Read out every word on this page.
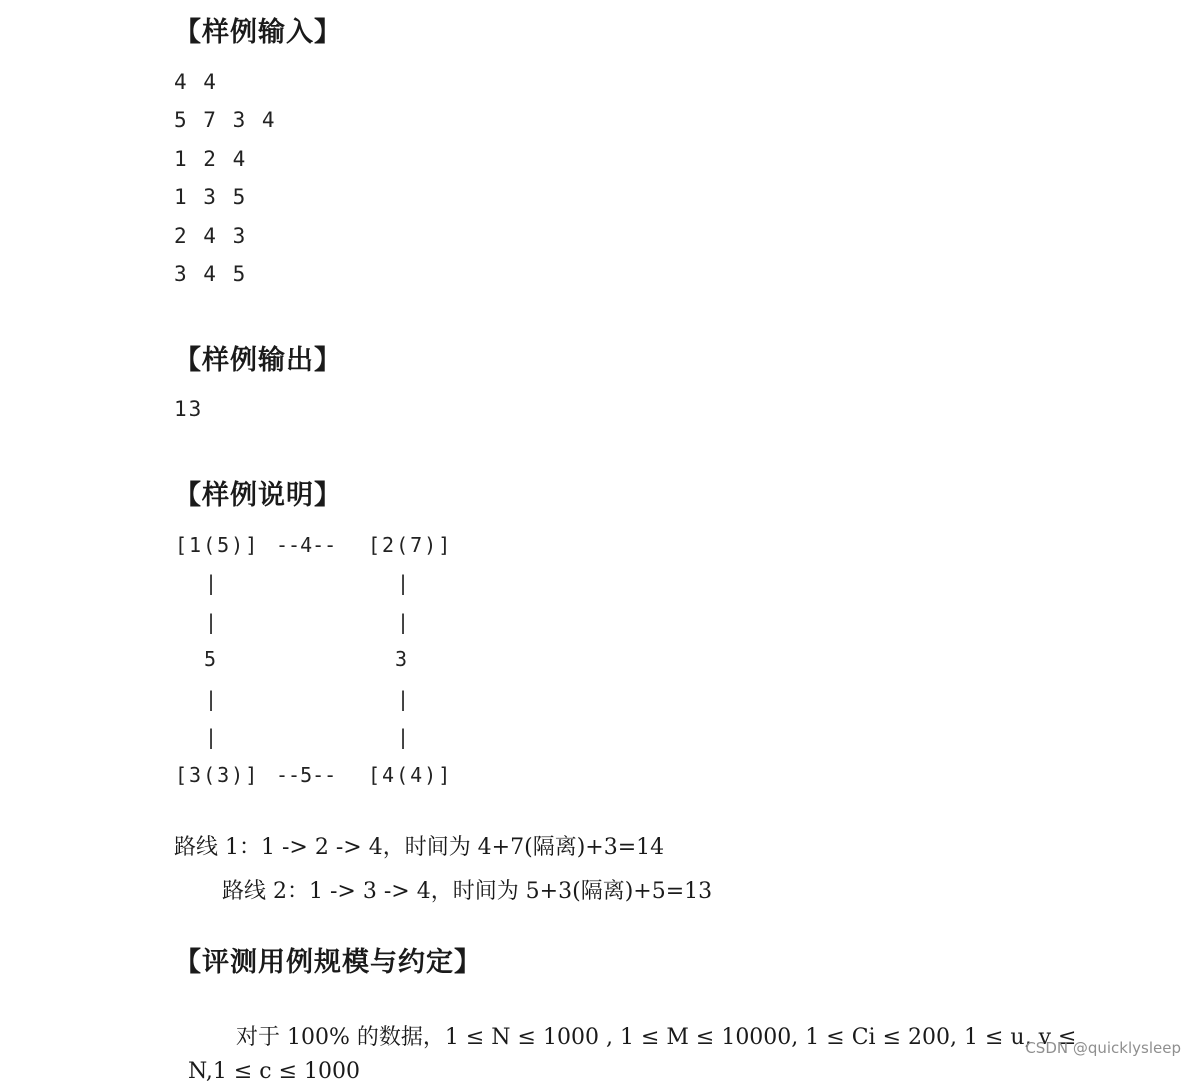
【样例输入】
4 4
5 7 3 4
1 2 4
1 3 5
2 4 3
3 4 5
【样例输出】
13
【样例说明】
[1(5)] --4-- [2(7)]
|
|
5
|
|
|
|
3
|
|
[3(3)] --5-- [4(4)]
路线 1：1 -> 2 -> 4，时间为 4+7(隔离)+3=14
路线 2：1 -> 3 -> 4，时间为 5+3(隔离)+5=13
【评测用例规模与约定】

对于 100% 的数据，1 ≤ N ≤ 1000 , 1 ≤ M ≤ 10000, 1 ≤ Ci ≤ 200, 1 ≤ u, v ≤

N,1 ≤ c ≤ 1000

CSDN @quicklysleep
